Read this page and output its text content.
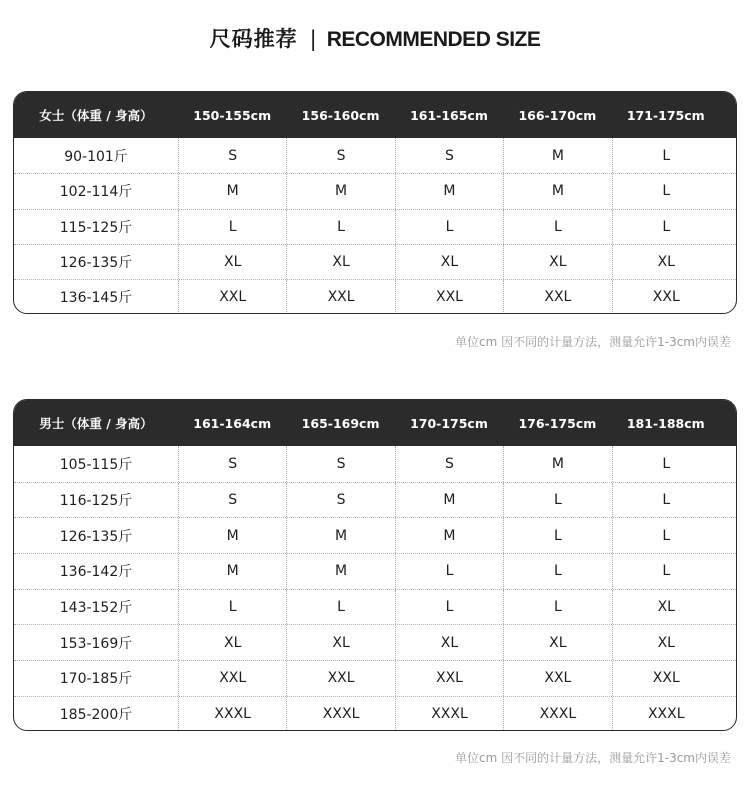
尺码推荐 | RECOMMENDED SIZE
女士（体重 / 身高）	150-155cm	156-160cm	161-165cm	166-170cm	171-175cm
90-101斤	S	S	S	M	L
102-114斤	M	M	M	M	L
115-125斤	L	L	L	L	L
126-135斤	XL	XL	XL	XL	XL
136-145斤	XXL	XXL	XXL	XXL	XXL
单位cm 因不同的计量方法，测量允许1-3cm内误差
男士（体重 / 身高）	161-164cm	165-169cm	170-175cm	176-175cm	181-188cm
105-115斤	S	S	S	M	L
116-125斤	S	S	M	L	L
126-135斤	M	M	M	L	L
136-142斤	M	M	L	L	L
143-152斤	L	L	L	L	XL
153-169斤	XL	XL	XL	XL	XL
170-185斤	XXL	XXL	XXL	XXL	XXL
185-200斤	XXXL	XXXL	XXXL	XXXL	XXXL
单位cm 因不同的计量方法，测量允许1-3cm内误差
